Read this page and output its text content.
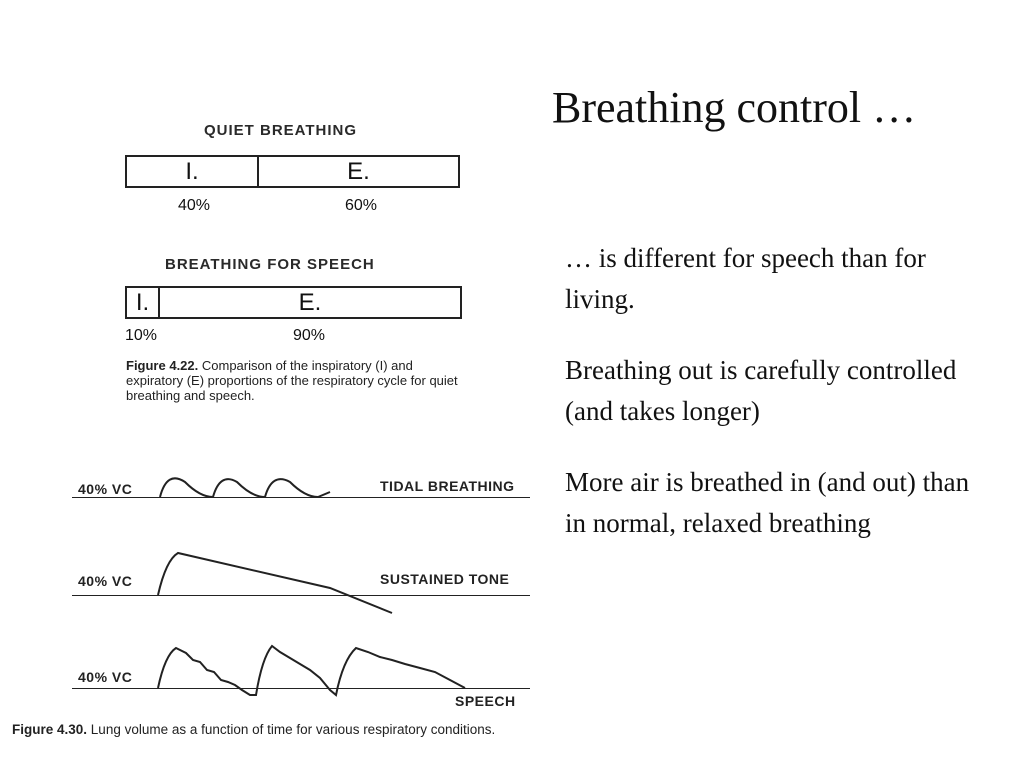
Breathing control …

… is different for speech than for living.

Breathing out is carefully controlled (and takes longer)

More air is breathed in (and out) than in normal, relaxed breathing

QUIET BREATHING
I.	E.
40%	60%
BREATHING FOR SPEECH
I.	E.
10%	90%
Figure 4.22. Comparison of the inspiratory (I) and expiratory (E) proportions of the respiratory cycle for quiet breathing and speech.
40% VC	TIDAL BREATHING
40% VC	SUSTAINED TONE
40% VC
SPEECH
Figure 4.30. Lung volume as a function of time for various respiratory conditions.
